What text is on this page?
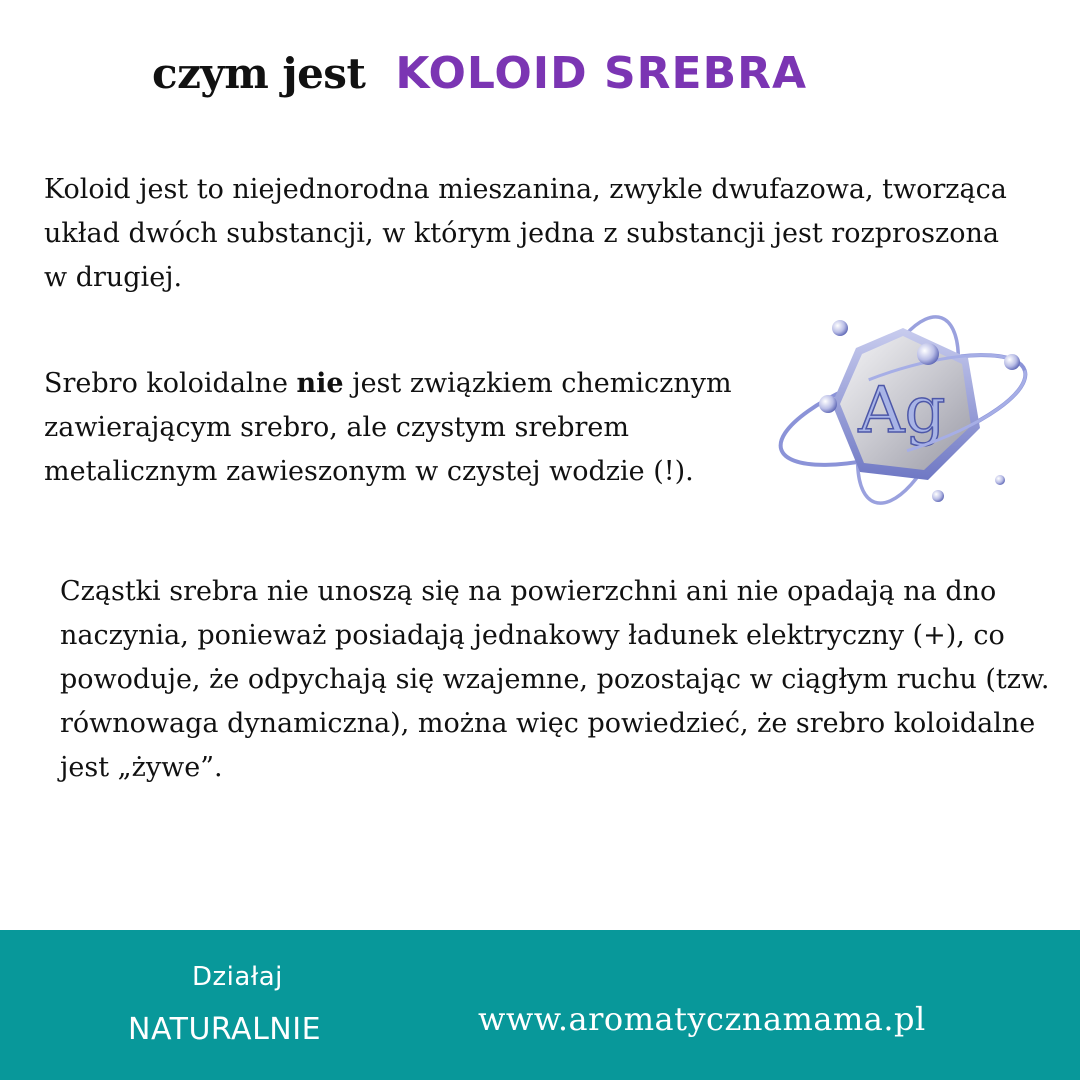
czym jest KOLOID SREBRA

Koloid jest to niejednorodna mieszanina, zwykle dwufazowa, tworząca układ dwóch substancji, w którym jedna z substancji jest rozproszona w drugiej.

Srebro koloidalne nie jest związkiem chemicznym zawierającym srebro, ale czystym srebrem metalicznym zawieszonym w czystej wodzie (!).

Ag

Cząstki srebra nie unoszą się na powierzchni ani nie opadają na dno naczynia, ponieważ posiadają jednakowy ładunek elektryczny (+), co powoduje, że odpychają się wzajemne, pozostając w ciągłym ruchu (tzw. równowaga dynamiczna), można więc powiedzieć, że srebro koloidalne jest „żywe”.

Działaj
NATURALNIE	www.aromatycznamama.pl
